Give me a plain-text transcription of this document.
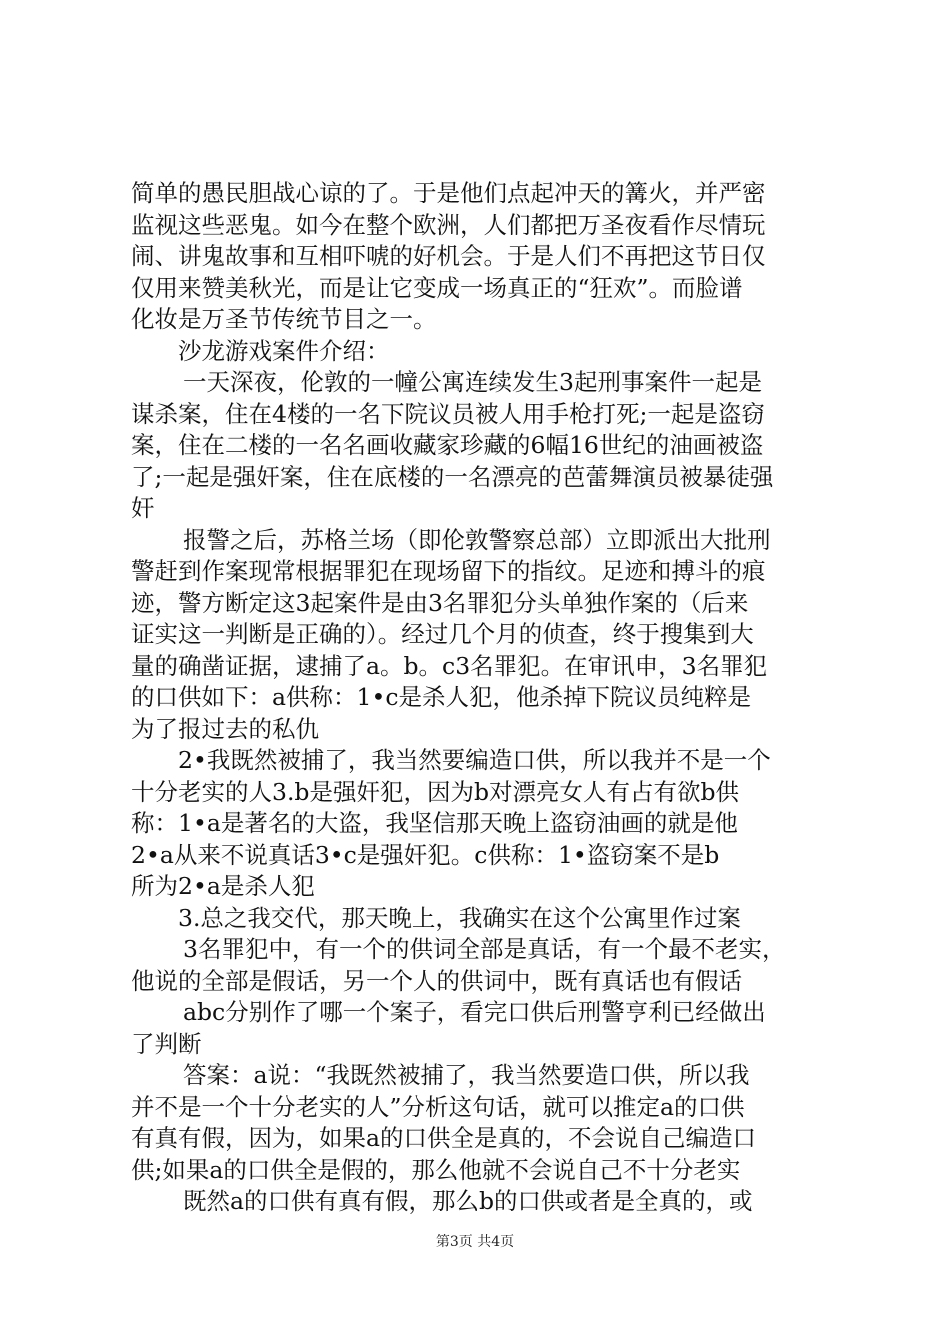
简单的愚民胆战心谅的了。于是他们点起冲天的篝火，并严密
监视这些恶鬼。如今在整个欧洲，人们都把万圣夜看作尽情玩
闹、讲鬼故事和互相吓唬的好机会。于是人们不再把这节日仅
仅用来赞美秋光，而是让它变成一场真正的“狂欢”。而脸谱
化妆是万圣节传统节目之一。
沙龙游戏案件介绍：
一天深夜，伦敦的一幢公寓连续发生3起刑事案件一起是
谋杀案，住在4楼的一名下院议员被人用手枪打死;一起是盗窃
案，住在二楼的一名名画收藏家珍藏的6幅16世纪的油画被盗
了;一起是强奸案，住在底楼的一名漂亮的芭蕾舞演员被暴徒强
奸
报警之后，苏格兰场（即伦敦警察总部）立即派出大批刑
警赶到作案现常根据罪犯在现场留下的指纹。足迹和搏斗的痕
迹，警方断定这3起案件是由3名罪犯分头单独作案的（后来
证实这一判断是正确的）。经过几个月的侦查，终于搜集到大
量的确凿证据，逮捕了a。b。c3名罪犯。在审讯申，3名罪犯
的口供如下：a供称：1•c是杀人犯，他杀掉下院议员纯粹是
为了报过去的私仇
2•我既然被捕了，我当然要编造口供，所以我并不是一个
十分老实的人3.b是强奸犯，因为b对漂亮女人有占有欲b供
称：1•a是著名的大盗，我坚信那天晚上盗窃油画的就是他
2•a从来不说真话3•c是强奸犯。c供称：1•盗窃案不是b
所为2•a是杀人犯
3.总之我交代，那天晚上，我确实在这个公寓里作过案
3名罪犯中，有一个的供词全部是真话，有一个最不老实，
他说的全部是假话，另一个人的供词中，既有真话也有假话
abc分别作了哪一个案子，看完口供后刑警亨利已经做出
了判断
答案：a说：“我既然被捕了，我当然要造口供，所以我
并不是一个十分老实的人”分析这句话，就可以推定a的口供
有真有假，因为，如果a的口供全是真的，不会说自己编造口
供;如果a的口供全是假的，那么他就不会说自己不十分老实
既然a的口供有真有假，那么b的口供或者是全真的，或
第3页 共4页
